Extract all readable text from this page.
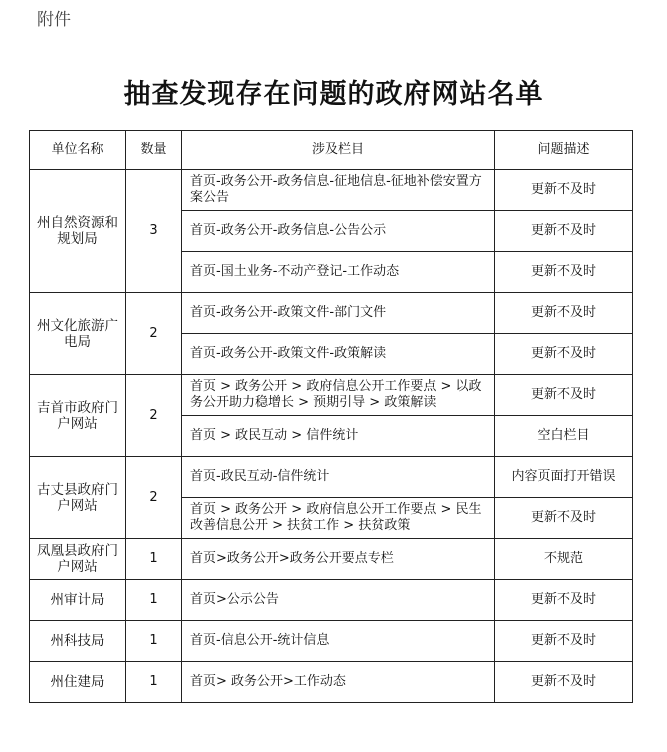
附件
抽查发现存在问题的政府网站名单
单位名称	数量	涉及栏目	问题描述

州自然资源和规划局	3	首页-政务公开-政务信息-征地信息-征地补偿安置方案公告	更新不及时
		首页-政务公开-政务信息-公告公示	更新不及时
		首页-国土业务-不动产登记-工作动态	更新不及时

州文化旅游广电局	2	首页-政务公开-政策文件-部门文件	更新不及时
		首页-政务公开-政策文件-政策解读	更新不及时

吉首市政府门户网站	2	首页 > 政务公开 > 政府信息公开工作要点 > 以政务公开助力稳增长 > 预期引导 > 政策解读	更新不及时
		首页 > 政民互动 > 信件统计	空白栏目

古丈县政府门户网站	2	首页-政民互动-信件统计	内容页面打开错误
		首页 > 政务公开 > 政府信息公开工作要点 > 民生改善信息公开 > 扶贫工作 > 扶贫政策	更新不及时

凤凰县政府门户网站	1	首页>政务公开>政务公开要点专栏	不规范
州审计局	1	首页>公示公告	更新不及时
州科技局	1	首页-信息公开-统计信息	更新不及时
州住建局	1	首页> 政务公开>工作动态	更新不及时
